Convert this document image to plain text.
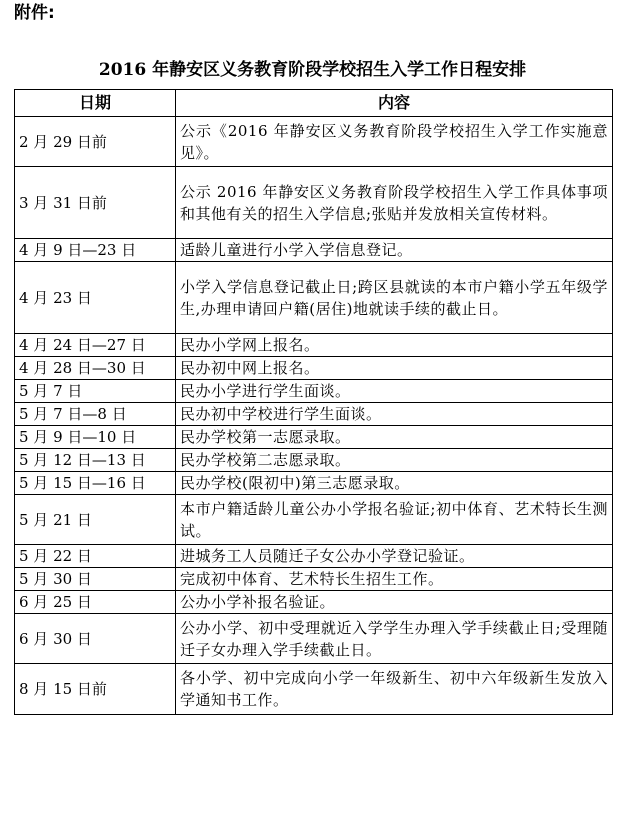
附件:
2016 年静安区义务教育阶段学校招生入学工作日程安排
日期	内容
2 月 29 日前	公示《2016 年静安区义务教育阶段学校招生入学工作实施意见》。
3 月 31 日前	公示 2016 年静安区义务教育阶段学校招生入学工作具体事项和其他有关的招生入学信息;张贴并发放相关宣传材料。
4 月 9 日—23 日	适龄儿童进行小学入学信息登记。
4 月 23 日	小学入学信息登记截止日;跨区县就读的本市户籍小学五年级学生,办理申请回户籍(居住)地就读手续的截止日。
4 月 24 日—27 日	民办小学网上报名。
4 月 28 日—30 日	民办初中网上报名。
5 月 7 日	民办小学进行学生面谈。
5 月 7 日—8 日	民办初中学校进行学生面谈。
5 月 9 日—10 日	民办学校第一志愿录取。
5 月 12 日—13 日	民办学校第二志愿录取。
5 月 15 日—16 日	民办学校(限初中)第三志愿录取。
5 月 21 日	本市户籍适龄儿童公办小学报名验证;初中体育、艺术特长生测试。
5 月 22 日	进城务工人员随迁子女公办小学登记验证。
5 月 30 日	完成初中体育、艺术特长生招生工作。
6 月 25 日	公办小学补报名验证。
6 月 30 日	公办小学、初中受理就近入学学生办理入学手续截止日;受理随迁子女办理入学手续截止日。
8 月 15 日前	各小学、初中完成向小学一年级新生、初中六年级新生发放入学通知书工作。
